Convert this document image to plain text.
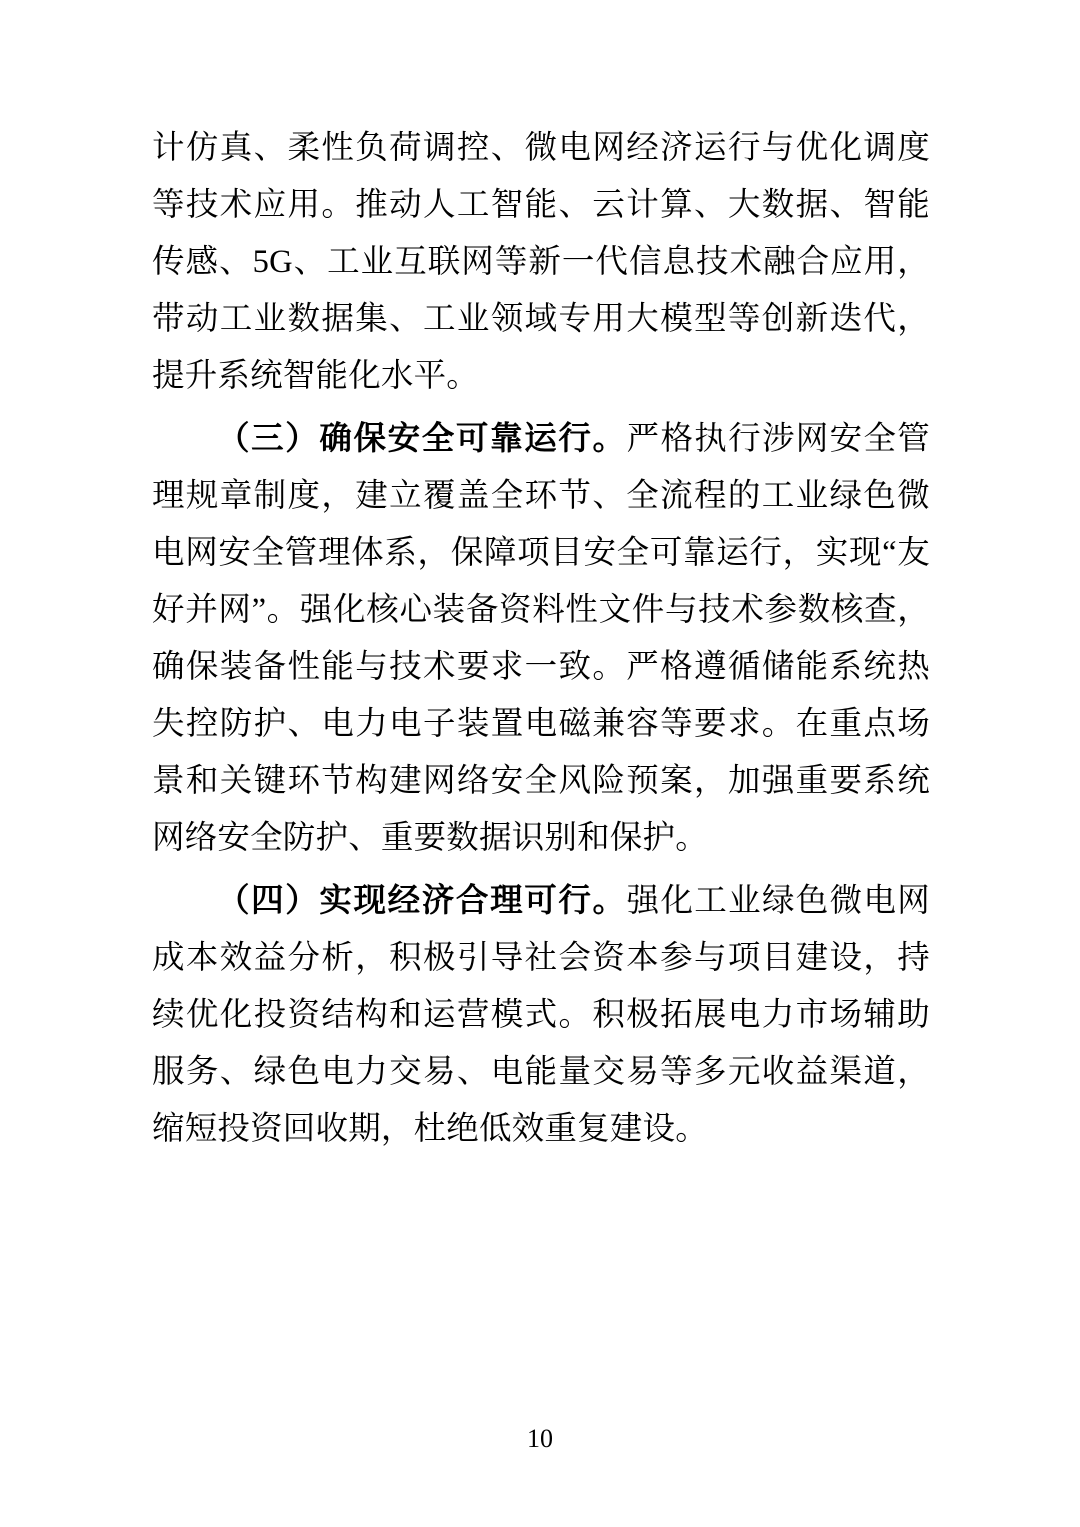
计仿真、柔性负荷调控、微电网经济运行与优化调度等技术应用。推动人工智能、云计算、大数据、智能传感、5G、工业互联网等新一代信息技术融合应用，带动工业数据集、工业领域专用大模型等创新迭代，提升系统智能化水平。

（三）确保安全可靠运行。严格执行涉网安全管理规章制度，建立覆盖全环节、全流程的工业绿色微电网安全管理体系，保障项目安全可靠运行，实现“友好并网”。强化核心装备资料性文件与技术参数核查，确保装备性能与技术要求一致。严格遵循储能系统热失控防护、电力电子装置电磁兼容等要求。在重点场景和关键环节构建网络安全风险预案，加强重要系统网络安全防护、重要数据识别和保护。

（四）实现经济合理可行。强化工业绿色微电网成本效益分析，积极引导社会资本参与项目建设，持续优化投资结构和运营模式。积极拓展电力市场辅助服务、绿色电力交易、电能量交易等多元收益渠道，缩短投资回收期，杜绝低效重复建设。

10
